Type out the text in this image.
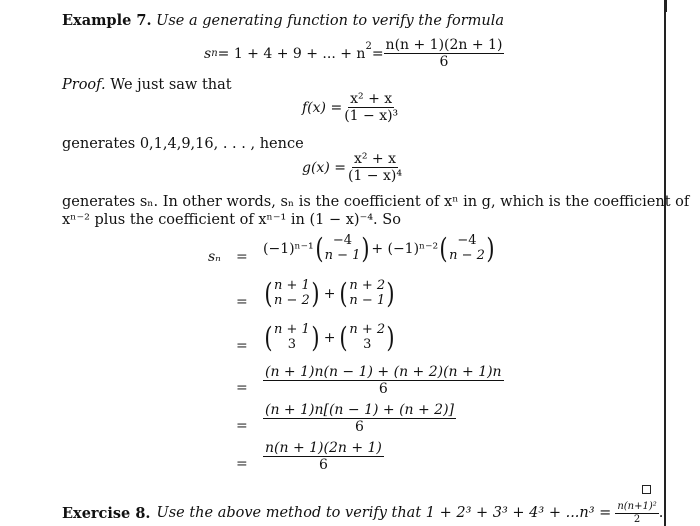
Example 7. Use a generating function to verify the formula
s n = 1 + 4 + 9 + ... + $n^2 = \frac{n(n + 1)(2n + 1)}{6}$
Proof. We just saw that
$f(x) = \frac{\text{x² + x}}{\text{(1 − x)³}}$
generates 0,1,4,9,16, . . . , hence
$g(x) = \frac{\text{x² + x}}{\text{(1 − x)⁴}}$
generates sₙ. In other words, sₙ is the coefficient of xⁿ in g, which is the coefficient of
xⁿ⁻² plus the coefficient of xⁿ⁻¹ in (1 − x)⁻⁴. So
sₙ =
(−1)ⁿ⁻¹ ( −4
n − 1 ) + (−1)ⁿ⁻² ( −4
n − 2 )
= ( n + 1
n − 2 ) + ( n + 2
n − 1 )
= ( n + 1
3 ) + ( n + 2
3 )
= $\frac{(n + 1)n(n - 1) + (n + 2)(n + 1)n}{6}$
= $\frac{(n + 1)n[(n - 1) + (n + 2)]}{6}$
= $\frac{n(n + 1)(2n + 1)}{6}$
Exercise 8. Use the above method to verify that $1 + 2^3 + 3^3 + 4^3 + ...n^3 = \frac{\text{n(n+1)²}}{2}$ .
